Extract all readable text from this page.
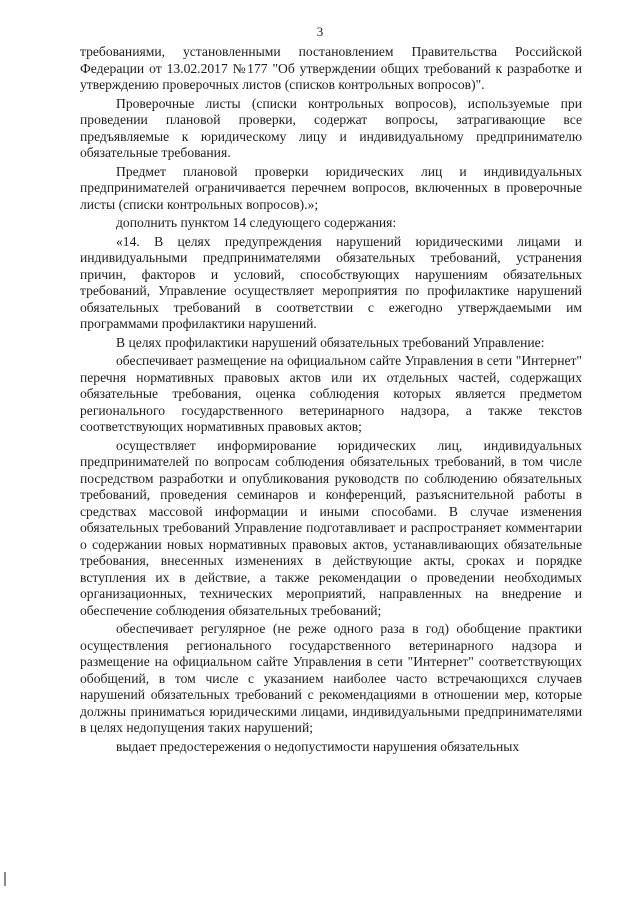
3

требованиями, установленными постановлением Правительства Российской Федерации от 13.02.2017 №177 "Об утверждении общих требований к разработке и утверждению проверочных листов (списков контрольных вопросов)".

Проверочные листы (списки контрольных вопросов), используемые при проведении плановой проверки, содержат вопросы, затрагивающие все предъявляемые к юридическому лицу и индивидуальному предпринимателю обязательные требования.

Предмет плановой проверки юридических лиц и индивидуальных предпринимателей ограничивается перечнем вопросов, включенных в проверочные листы (списки контрольных вопросов).»;

дополнить пунктом 14 следующего содержания:

«14. В целях предупреждения нарушений юридическими лицами и индивидуальными предпринимателями обязательных требований, устранения причин, факторов и условий, способствующих нарушениям обязательных требований, Управление осуществляет мероприятия по профилактике нарушений обязательных требований в соответствии с ежегодно утверждаемыми им программами профилактики нарушений.

В целях профилактики нарушений обязательных требований Управление:

обеспечивает размещение на официальном сайте Управления в сети "Интернет" перечня нормативных правовых актов или их отдельных частей, содержащих обязательные требования, оценка соблюдения которых является предметом регионального государственного ветеринарного надзора, а также текстов соответствующих нормативных правовых актов;

осуществляет информирование юридических лиц, индивидуальных предпринимателей по вопросам соблюдения обязательных требований, в том числе посредством разработки и опубликования руководств по соблюдению обязательных требований, проведения семинаров и конференций, разъяснительной работы в средствах массовой информации и иными способами. В случае изменения обязательных требований Управление подготавливает и распространяет комментарии о содержании новых нормативных правовых актов, устанавливающих обязательные требования, внесенных изменениях в действующие акты, сроках и порядке вступления их в действие, а также рекомендации о проведении необходимых организационных, технических мероприятий, направленных на внедрение и обеспечение соблюдения обязательных требований;

обеспечивает регулярное (не реже одного раза в год) обобщение практики осуществления регионального государственного ветеринарного надзора и размещение на официальном сайте Управления в сети "Интернет" соответствующих обобщений, в том числе с указанием наиболее часто встречающихся случаев нарушений обязательных требований с рекомендациями в отношении мер, которые должны приниматься юридическими лицами, индивидуальными предпринимателями в целях недопущения таких нарушений;

выдает предостережения о недопустимости нарушения обязательных
